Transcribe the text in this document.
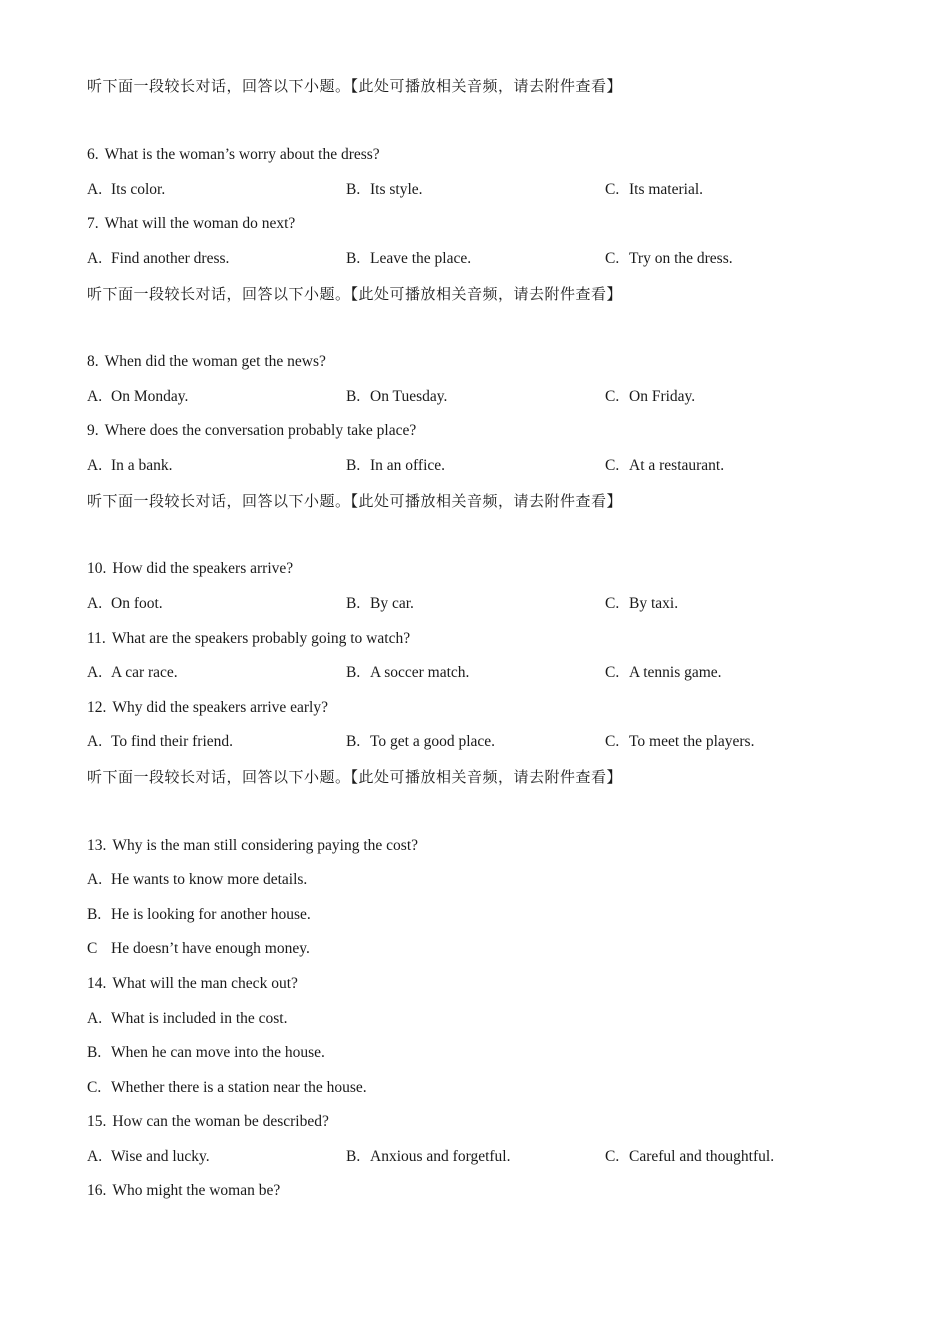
听下面一段较长对话，回答以下小题。【此处可播放相关音频，请去附件查看】
6. What is the woman’s worry about the dress?
A. Its color.	B. Its style.	C. Its material.
7. What will the woman do next?
A. Find another dress.	B. Leave the place.	C. Try on the dress.
听下面一段较长对话，回答以下小题。【此处可播放相关音频，请去附件查看】
8. When did the woman get the news?
A. On Monday.	B. On Tuesday.	C. On Friday.
9. Where does the conversation probably take place?
A. In a bank.	B. In an office.	C. At a restaurant.
听下面一段较长对话，回答以下小题。【此处可播放相关音频，请去附件查看】
10. How did the speakers arrive?
A. On foot.	B. By car.	C. By taxi.
11. What are the speakers probably going to watch?
A. A car race.	B. A soccer match.	C. A tennis game.
12. Why did the speakers arrive early?
A. To find their friend.	B. To get a good place.	C. To meet the players.
听下面一段较长对话，回答以下小题。【此处可播放相关音频，请去附件查看】
13. Why is the man still considering paying the cost?
A. He wants to know more details.
B. He is looking for another house.
C He doesn’t have enough money.
14. What will the man check out?
A. What is included in the cost.
B. When he can move into the house.
C. Whether there is a station near the house.
15. How can the woman be described?
A. Wise and lucky.	B. Anxious and forgetful.	C. Careful and thoughtful.
16. Who might the woman be?
